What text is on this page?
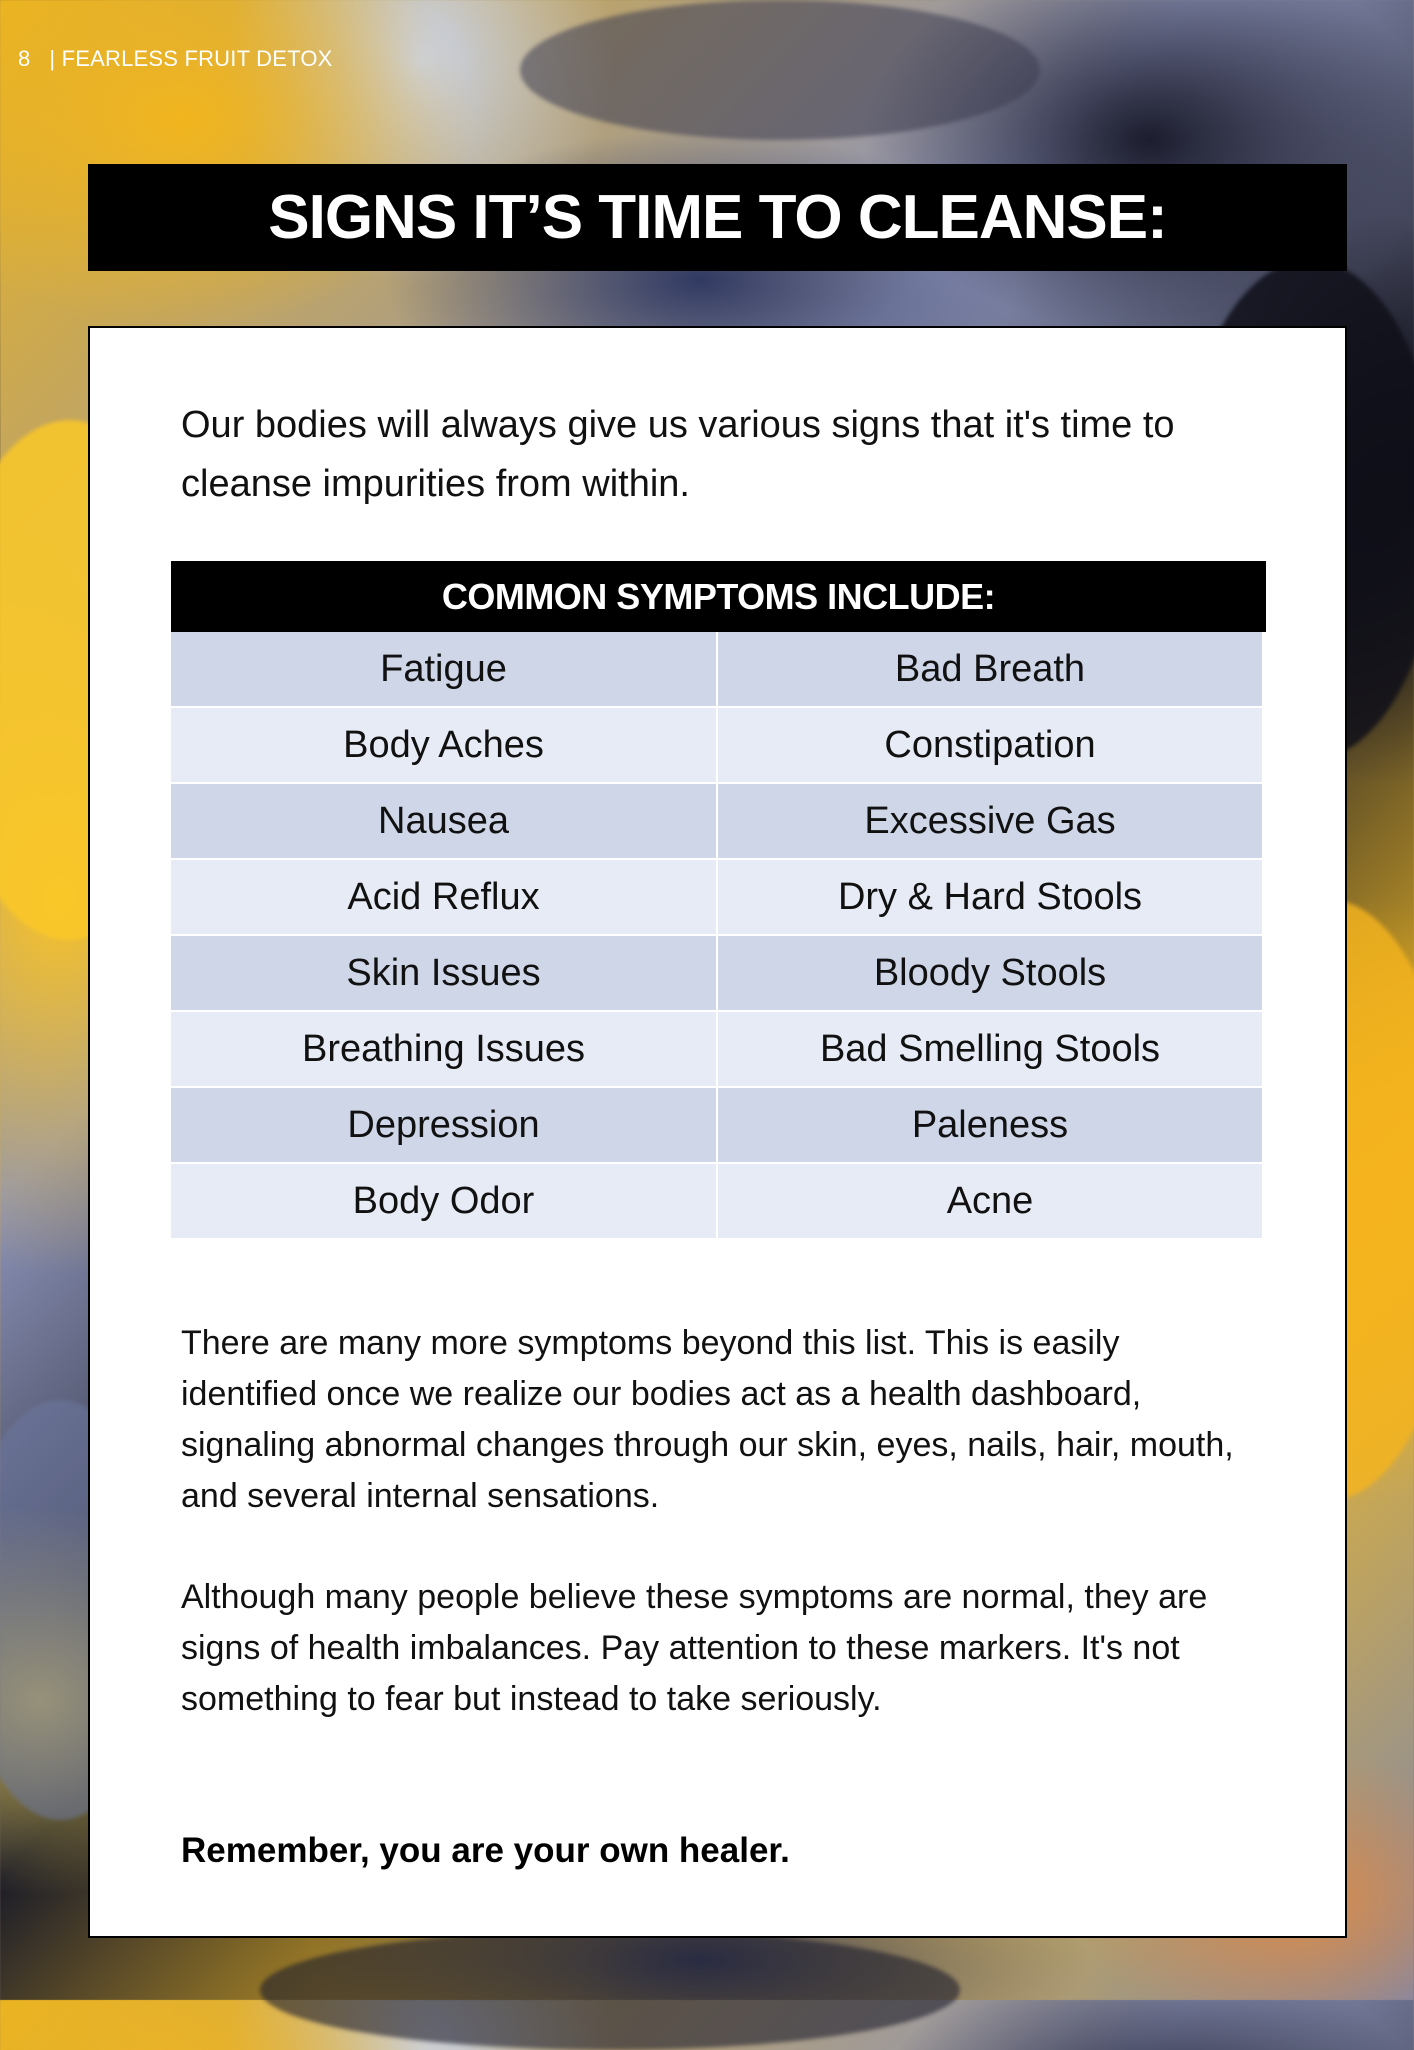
8   | FEARLESS FRUIT DETOX
SIGNS IT’S TIME TO CLEANSE:

Our bodies will always give us various signs that it's time to cleanse impurities from within.

COMMON SYMPTOMS INCLUDE:
Fatigue	Bad Breath
Body Aches	Constipation
Nausea	Excessive Gas
Acid Reflux	Dry & Hard Stools
Skin Issues	Bloody Stools
Breathing Issues	Bad Smelling Stools
Depression	Paleness
Body Odor	Acne

There are many more symptoms beyond this list. This is easily identified once we realize our bodies act as a health dashboard, signaling abnormal changes through our skin, eyes, nails, hair, mouth, and several internal sensations.

Although many people believe these symptoms are normal, they are signs of health imbalances. Pay attention to these markers. It's not something to fear but instead to take seriously.

Remember, you are your own healer.
